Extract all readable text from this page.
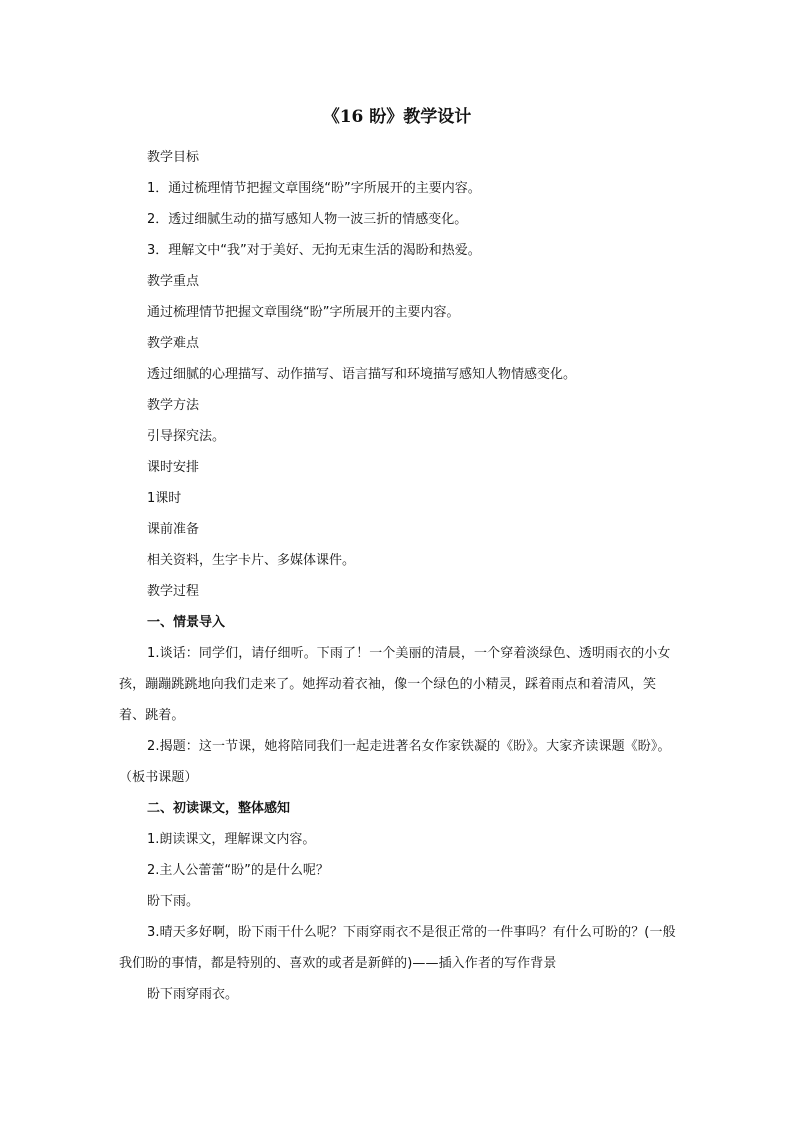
《16 盼》教学设计

教学目标

1．通过梳理情节把握文章围绕“盼”字所展开的主要内容。

2．透过细腻生动的描写感知人物一波三折的情感变化。

3．理解文中“我”对于美好、无拘无束生活的渴盼和热爱。

教学重点

通过梳理情节把握文章围绕“盼”字所展开的主要内容。

教学难点

透过细腻的心理描写、动作描写、语言描写和环境描写感知人物情感变化。

教学方法

引导探究法。

课时安排

1课时

课前准备

相关资料，生字卡片、多媒体课件。

教学过程

一、情景导入

1.谈话：同学们，请仔细听。下雨了！一个美丽的清晨，一个穿着淡绿色、透明雨衣的小女孩，蹦蹦跳跳地向我们走来了。她挥动着衣袖，像一个绿色的小精灵，踩着雨点和着清风，笑着、跳着。

2.揭题：这一节课，她将陪同我们一起走进著名女作家铁凝的《盼》。大家齐读课题《盼》。（板书课题）

二、初读课文，整体感知

1.朗读课文，理解课文内容。

2.主人公蕾蕾“盼”的是什么呢？

盼下雨。

3.晴天多好啊，盼下雨干什么呢？下雨穿雨衣不是很正常的一件事吗？有什么可盼的？(一般我们盼的事情，都是特别的、喜欢的或者是新鲜的)——插入作者的写作背景

盼下雨穿雨衣。
